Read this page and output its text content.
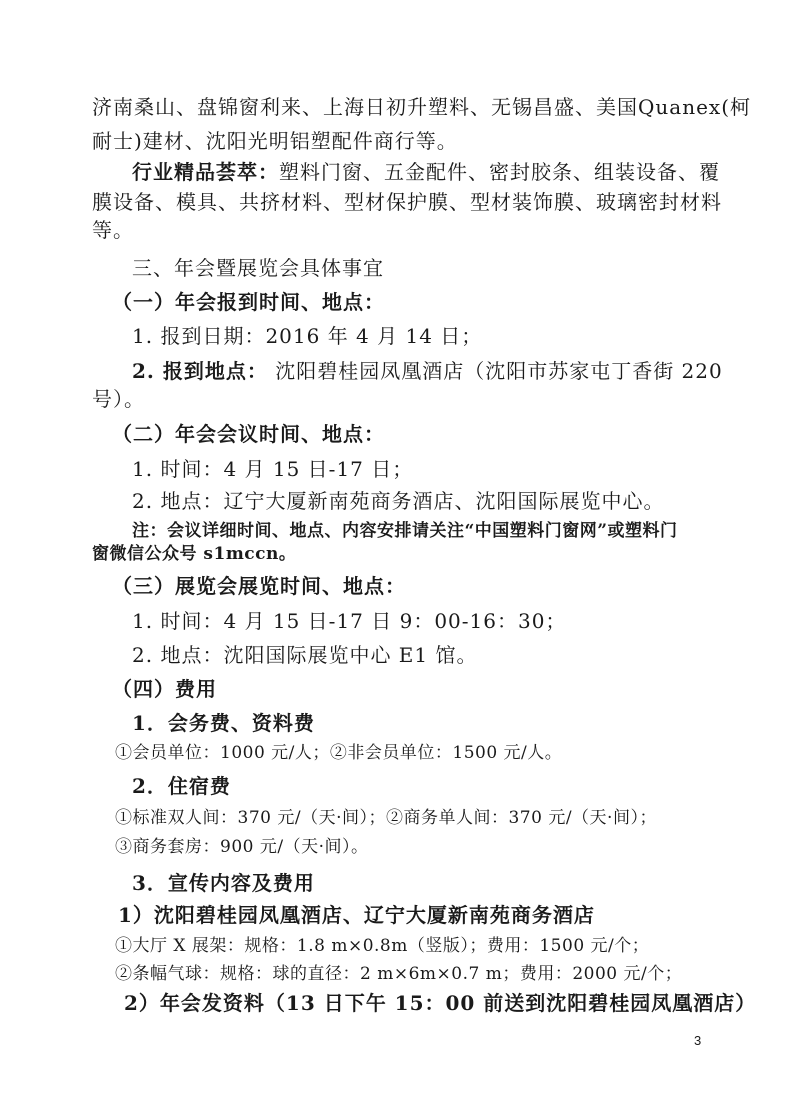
济南桑山、盘锦窗利来、上海日初升塑料、无锡昌盛、美国Quanex(柯
耐士)建材、沈阳光明铝塑配件商行等。
行业精品荟萃：塑料门窗、五金配件、密封胶条、组装设备、覆
膜设备、模具、共挤材料、型材保护膜、型材装饰膜、玻璃密封材料
等。
三、年会暨展览会具体事宜
（一）年会报到时间、地点：
1. 报到日期：2016 年 4 月 14 日；
2. 报到地点： 沈阳碧桂园凤凰酒店（沈阳市苏家屯丁香街 220
号）。
（二）年会会议时间、地点：
1. 时间：4 月 15 日-17 日；
2. 地点：辽宁大厦新南苑商务酒店、沈阳国际展览中心。
注：会议详细时间、地点、内容安排请关注“中国塑料门窗网”或塑料门
窗微信公众号 s1mccn。
（三）展览会展览时间、地点：
1. 时间：4 月 15 日-17 日 9：00-16：30；
2. 地点：沈阳国际展览中心 E1 馆。
（四）费用
1．会务费、资料费
①会员单位：1000 元/人；②非会员单位：1500 元/人。
2．住宿费
①标准双人间：370 元/（天·间）；②商务单人间：370 元/（天·间）；
③商务套房：900 元/（天·间）。
3．宣传内容及费用
1）沈阳碧桂园凤凰酒店、辽宁大厦新南苑商务酒店
①大厅 X 展架：规格：1.8 m×0.8m（竖版）；费用：1500 元/个；
②条幅气球：规格：球的直径：2 m×6m×0.7 m；费用：2000 元/个；
2）年会发资料（13 日下午 15：00 前送到沈阳碧桂园凤凰酒店）
3
